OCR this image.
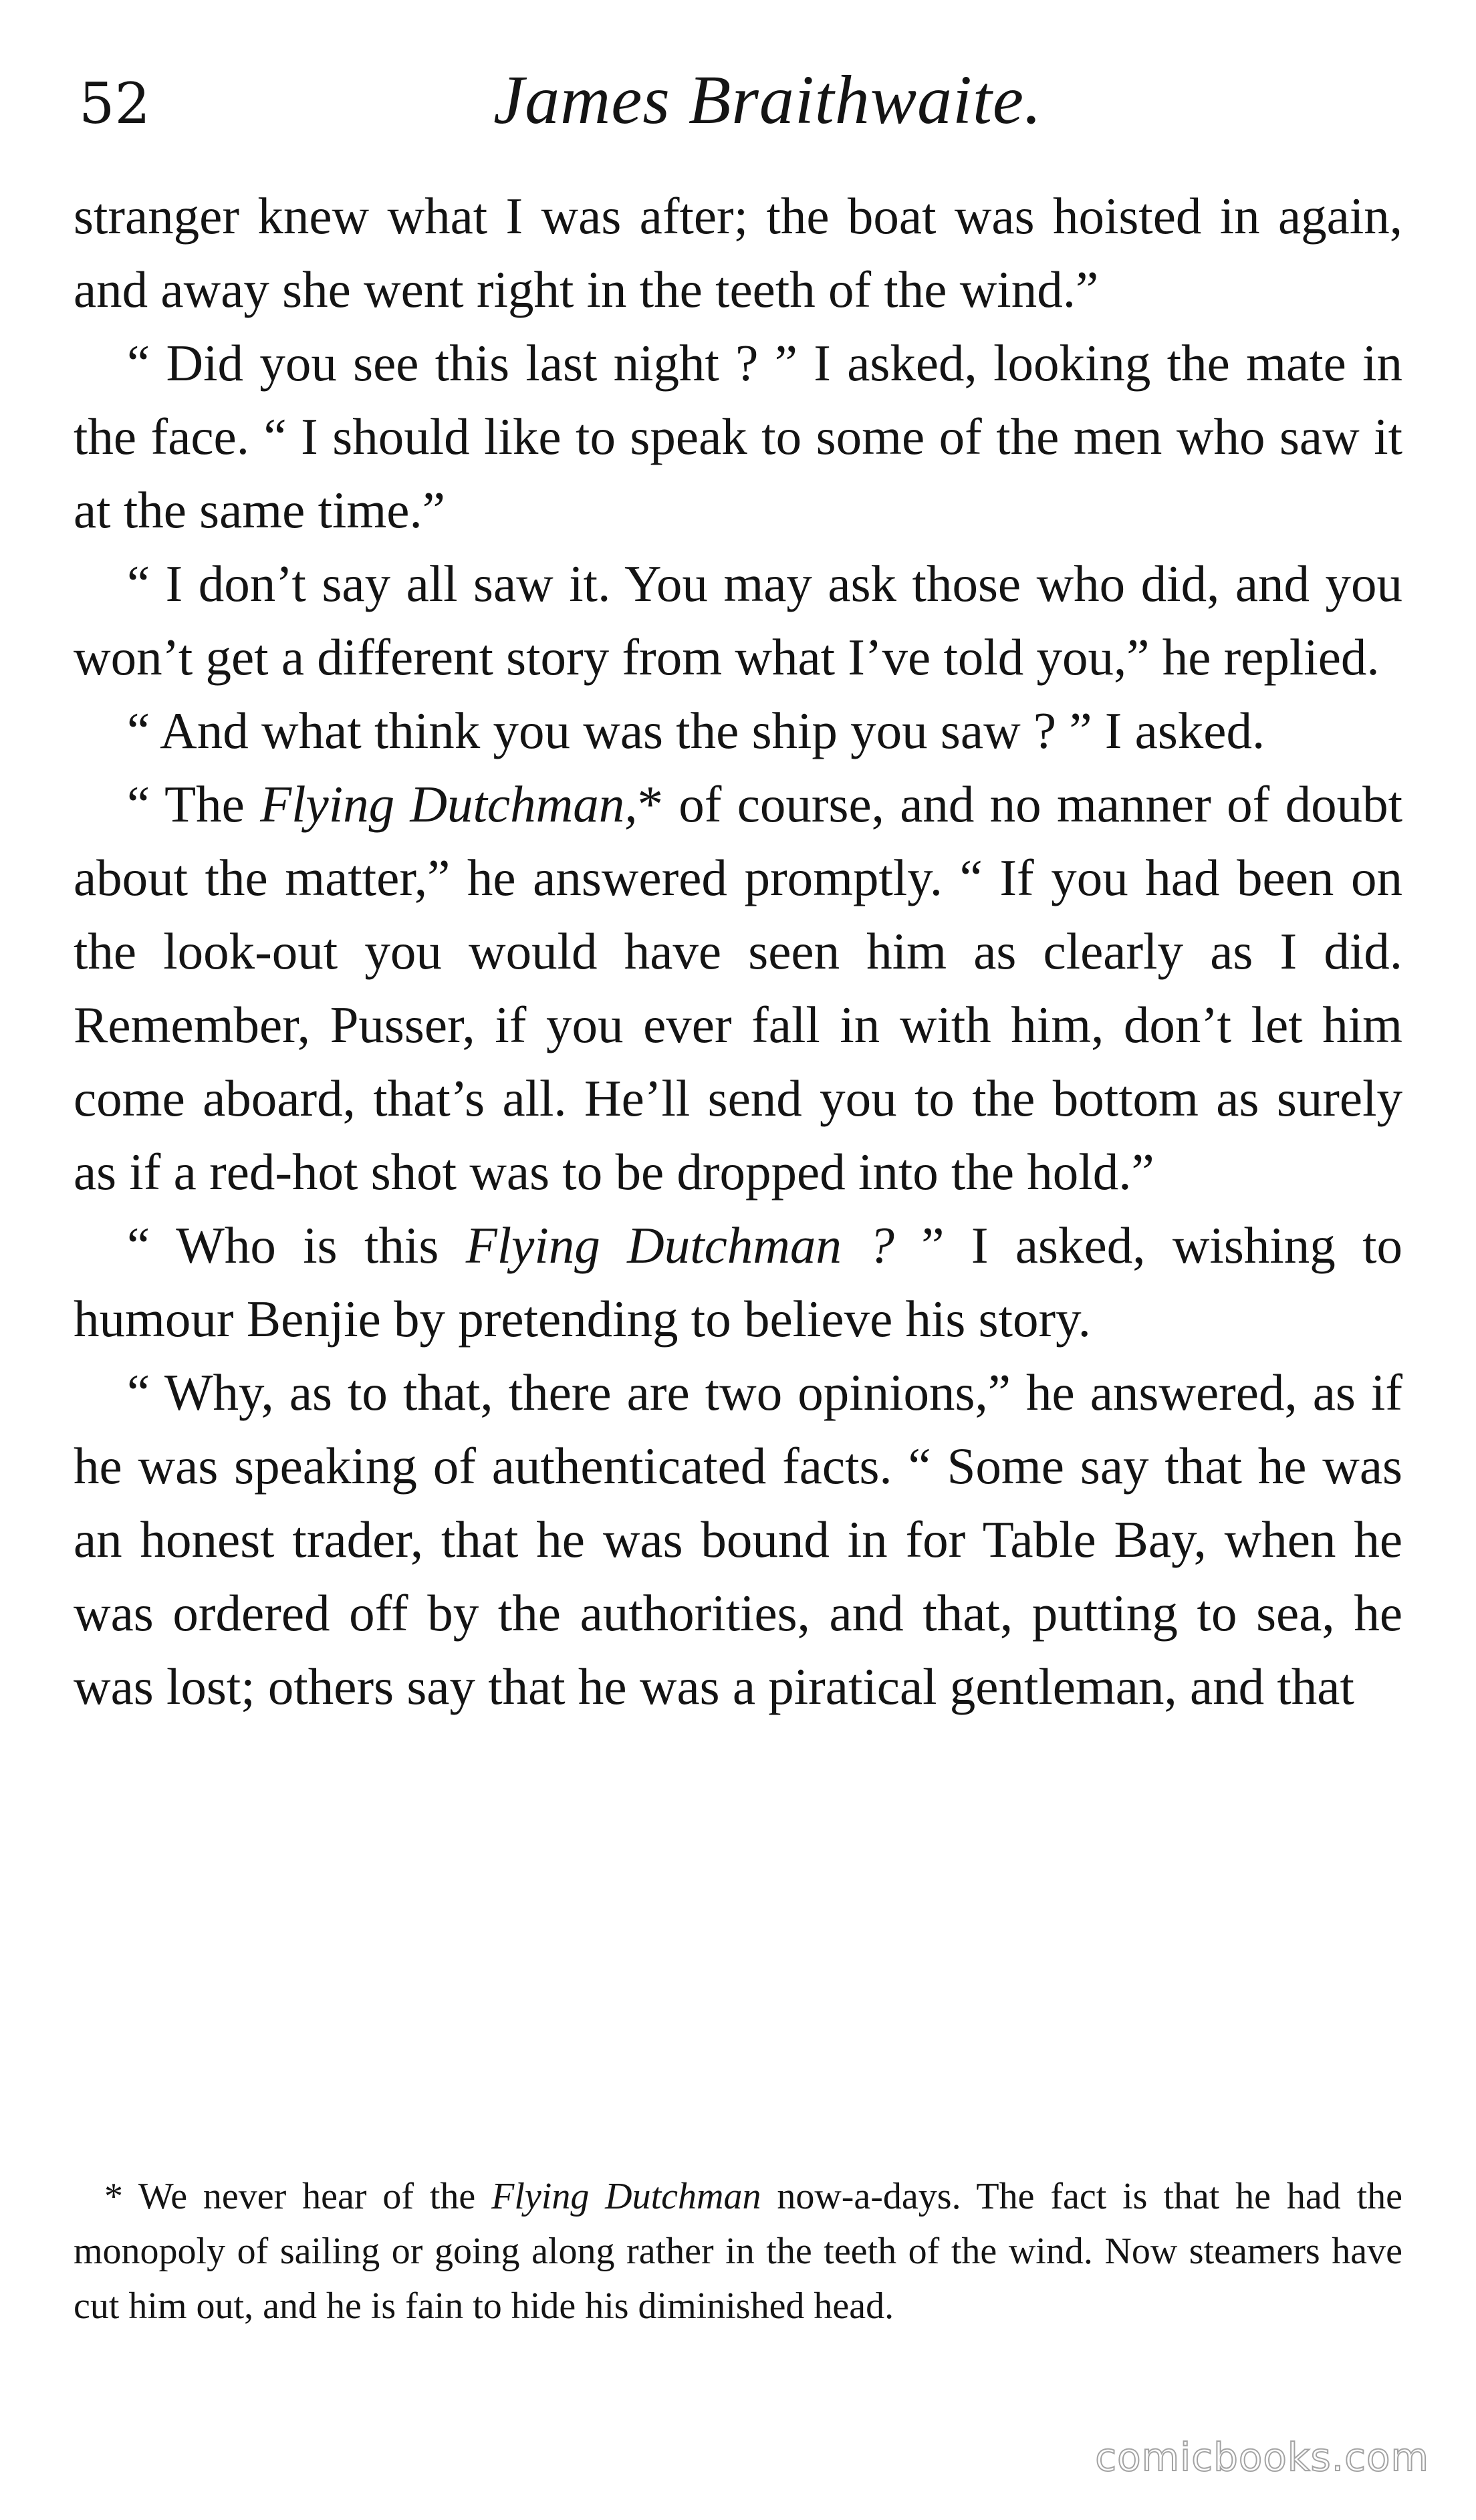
52	James Braithwaite.

stranger knew what I was after; the boat was hoisted in again, and away she went right in the teeth of the wind.”

“ Did you see this last night ? ” I asked, looking the mate in the face. “ I should like to speak to some of the men who saw it at the same time.”

“ I don’t say all saw it. You may ask those who did, and you won’t get a different story from what I’ve told you,” he replied.

“ And what think you was the ship you saw ? ” I asked.

“ The Flying Dutchman,* of course, and no manner of doubt about the matter,” he answered promptly. “ If you had been on the look-out you would have seen him as clearly as I did. Remember, Pusser, if you ever fall in with him, don’t let him come aboard, that’s all. He’ll send you to the bottom as surely as if a red-hot shot was to be dropped into the hold.”

“ Who is this Flying Dutchman ? ” I asked, wishing to humour Benjie by pretending to believe his story.

“ Why, as to that, there are two opinions,” he answered, as if he was speaking of authenticated facts. “ Some say that he was an honest trader, that he was bound in for Table Bay, when he was ordered off by the authorities, and that, putting to sea, he was lost; others say that he was a piratical gentleman, and that

* We never hear of the Flying Dutchman now-a-days. The fact is that he had the monopoly of sailing or going along rather in the teeth of the wind. Now steamers have cut him out, and he is fain to hide his diminished head.

comicbooks.com
